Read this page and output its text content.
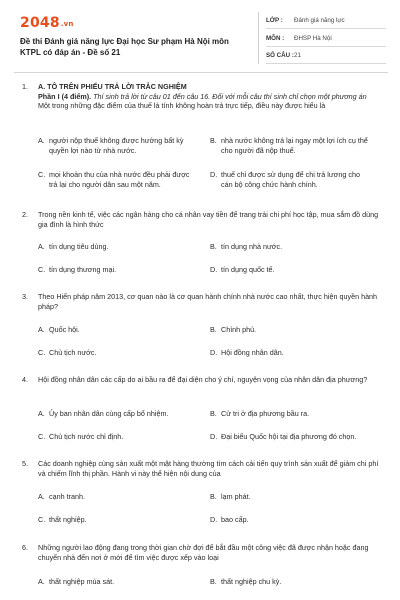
2048.vn
Đề thi Đánh giá năng lực Đại học Sư phạm Hà Nội môn KTPL có đáp án - Đề số 21
LỚP : Đánh giá năng lực
MÔN : ĐHSP Hà Nội
SỐ CÂU : 21
1.	A. TÔ TRÊN PHIẾU TRẢ LỜI TRẮC NGHIỆM
Phần I (4 điểm). Thí sinh trả lời từ câu 01 đến câu 16. Đối với mỗi câu thí sinh chỉ chọn một phương án
Một trong những đặc điểm của thuế là tính không hoàn trả trực tiếp, điều này được hiểu là
A. người nộp thuế không được hưởng bất kỳ quyền lợi nào từ nhà nước.
B. nhà nước không trả lại ngay một lợi ích cụ thể cho người đã nộp thuế.
C. mọi khoản thu của nhà nước đều phải được trả lại cho người dân sau một năm.
D. thuế chỉ được sử dụng để chi trả lương cho cán bộ công chức hành chính.
2.	Trong nền kinh tế, việc các ngân hàng cho cá nhân vay tiền để trang trải chi phí học tập, mua sắm đồ dùng gia đình là hình thức
A. tín dụng tiêu dùng.	B. tín dụng nhà nước.
C. tín dụng thương mại.	D. tín dụng quốc tế.
3.	Theo Hiến pháp năm 2013, cơ quan nào là cơ quan hành chính nhà nước cao nhất, thực hiện quyền hành pháp?
A. Quốc hội.	B. Chính phủ.
C. Chủ tịch nước.	D. Hội đồng nhân dân.
4.	Hội đồng nhân dân các cấp do ai bầu ra để đại diện cho ý chí, nguyện vọng của nhân dân địa phương?
A. Ủy ban nhân dân cùng cấp bổ nhiệm.	B. Cử tri ở địa phương bầu ra.
C. Chủ tịch nước chỉ định.	D. Đại biểu Quốc hội tại địa phương đó chọn.
5.	Các doanh nghiệp cùng sản xuất một mặt hàng thường tìm cách cải tiến quy trình sản xuất để giảm chi phí và chiếm lĩnh thị phần. Hành vi này thể hiện nội dung của
A. cạnh tranh.	B. lạm phát.
C. thất nghiệp.	D. bao cấp.
6.	Những người lao động đang trong thời gian chờ đợi để bắt đầu một công việc đã được nhận hoặc đang chuyển nhà đến nơi ở mới để tìm việc được xếp vào loại
A. thất nghiệp mùa sát.	B. thất nghiệp chu kỳ.
